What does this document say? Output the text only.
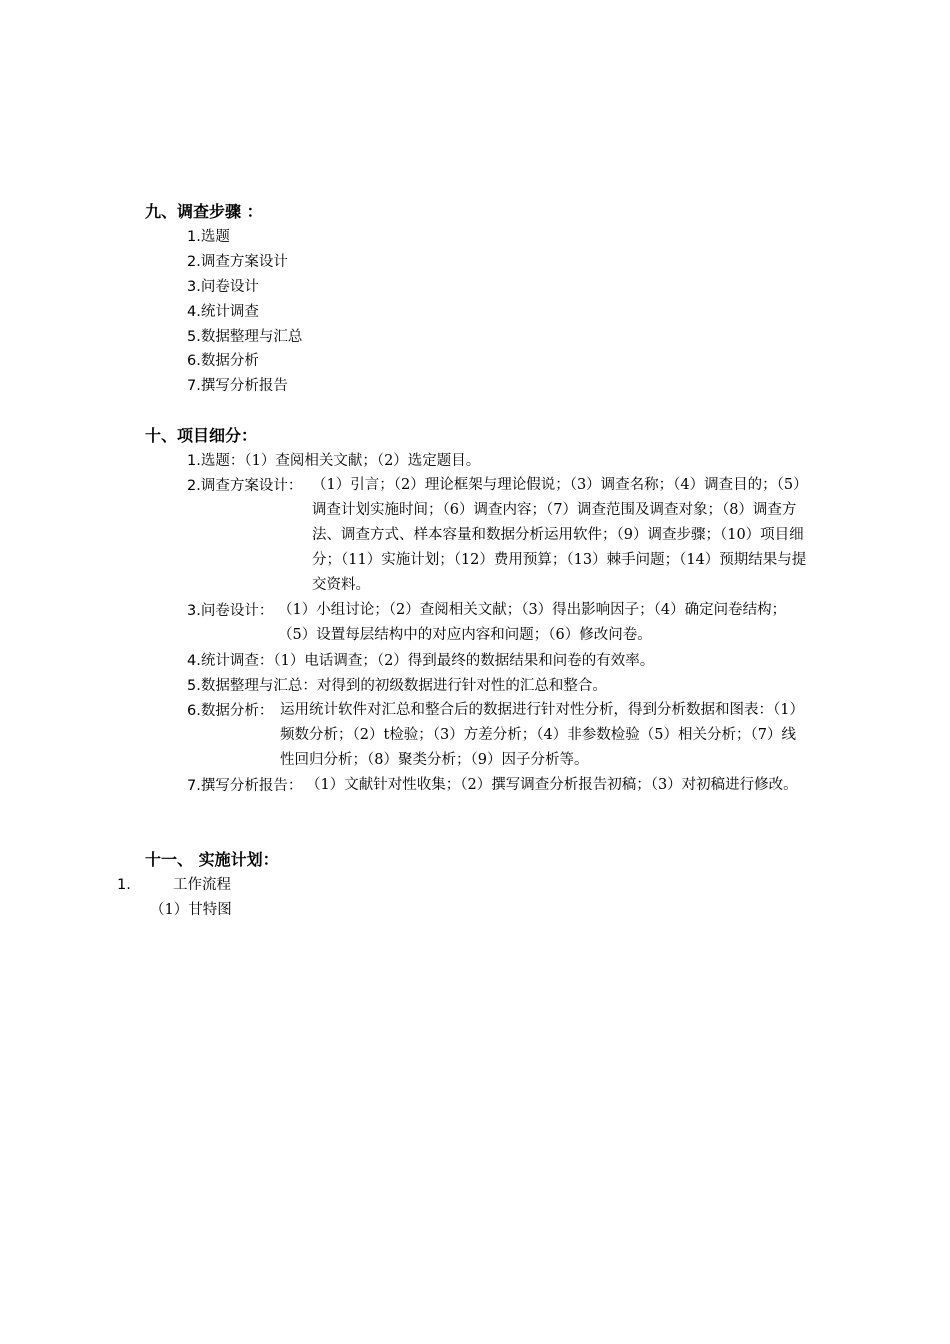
九、调查步骤 ：
1.选题
2.调查方案设计
3.问卷设计
4.统计调查
5.数据整理与汇总
6.数据分析
7.撰写分析报告
十、项目细分：
1.选题：（1）查阅相关文献；（2）选定题目。
2.调查方案设计： （1）引言；（2）理论框架与理论假说；（3）调查名称；（4）调查目的；（5）调查计划实施时间；（6）调查内容；（7）调查范围及调查对象；（8）调查方法、调查方式、样本容量和数据分析运用软件；（9）调查步骤；（10）项目细分；（11）实施计划；（12）费用预算；（13）棘手问题；（14）预期结果与提交资料。
3.问卷设计： （1）小组讨论；（2）查阅相关文献；（3）得出影响因子；（4）确定问卷结构；（5）设置每层结构中的对应内容和问题；（6）修改问卷。
4.统计调查：（1）电话调查；（2）得到最终的数据结果和问卷的有效率。
5.数据整理与汇总：对得到的初级数据进行针对性的汇总和整合。
6.数据分析： 运用统计软件对汇总和整合后的数据进行针对性分析，得到分析数据和图表：（1）频数分析；（2）t检验；（3）方差分析；（4）非参数检验（5）相关分析；（7）线性回归分析；（8）聚类分析；（9）因子分析等。
7.撰写分析报告： （1）文献针对性收集；（2）撰写调查分析报告初稿；（3）对初稿进行修改。
十一、 实施计划：
1.	工作流程
（1）甘特图
